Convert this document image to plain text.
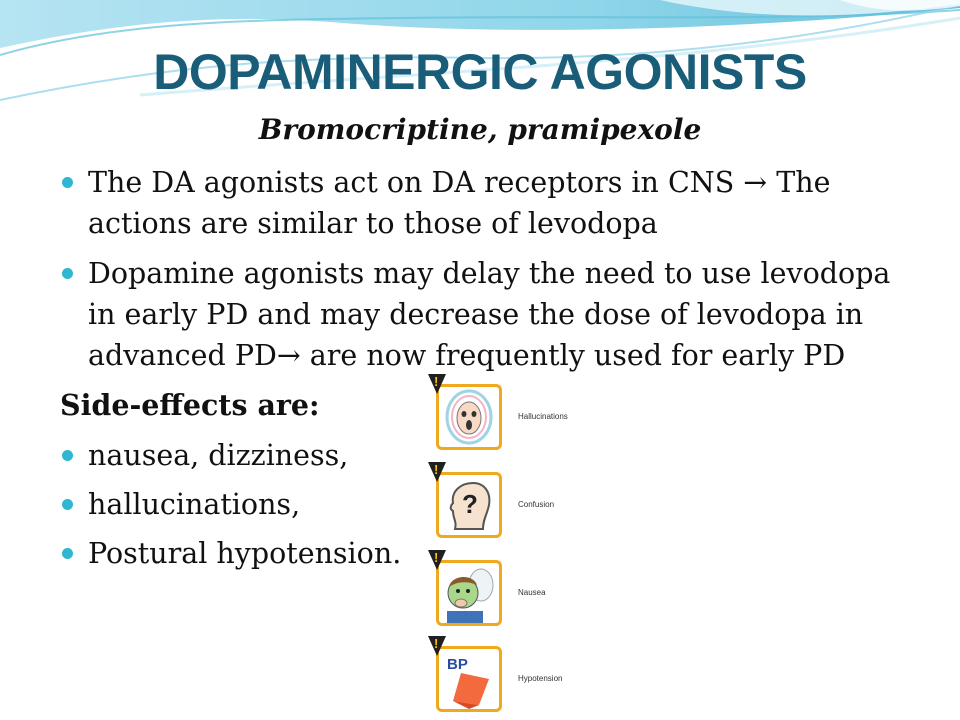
DOPAMINERGIC AGONISTS
Bromocriptine, pramipexole
The DA agonists act on DA receptors in CNS → The actions are similar to those of levodopa
Dopamine agonists may delay the need to use levodopa in early PD and may decrease the dose of levodopa in advanced PD→ are now frequently used for early PD
Side-effects are:
nausea, dizziness,
hallucinations,
Postural hypotension.
!
Hallucinations
?
!
Confusion
!
Nausea
BP
!
Hypotension
